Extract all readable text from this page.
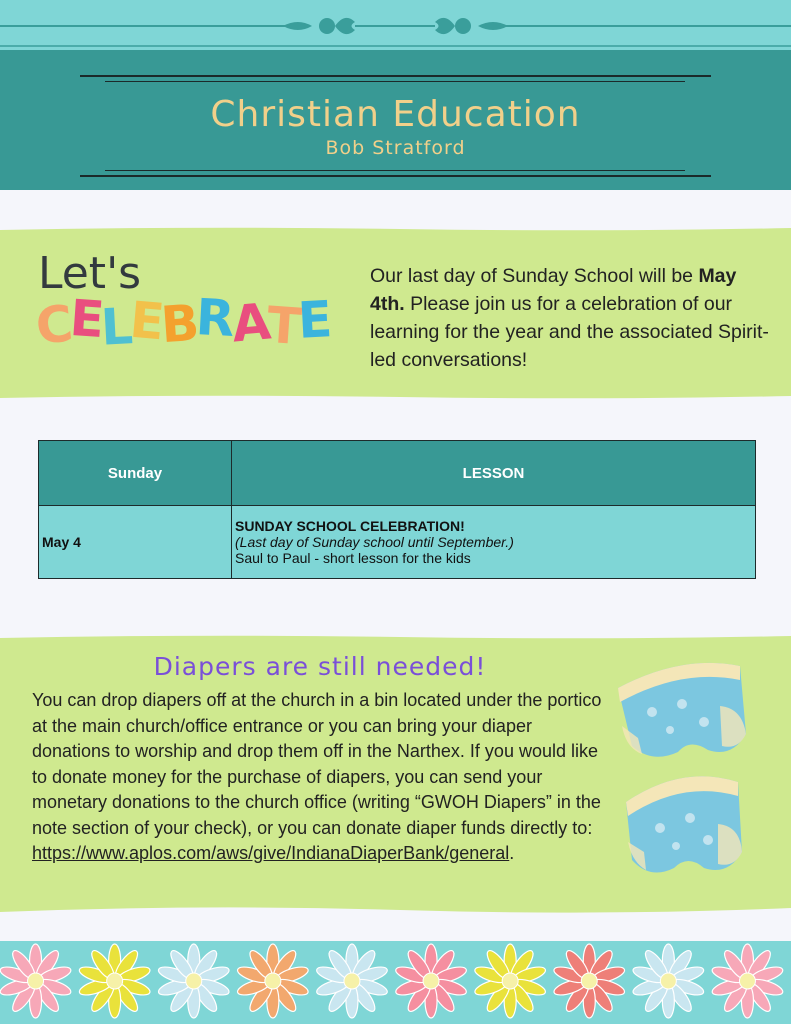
Christian Education
Bob Stratford
Let's
CELEBRATE
Our last day of Sunday School will be May 4th. Please join us for a celebration of our learning for the year and the associated Spirit-led conversations!
Sunday	LESSON
May 4	SUNDAY SCHOOL CELEBRATION!
(Last day of Sunday school until September.)
Saul to Paul - short lesson for the kids
Diapers are still needed!
You can drop diapers off at the church in a bin located under the portico at the main church/office entrance or you can bring your diaper donations to worship and drop them off in the Narthex. If you would like to donate money for the purchase of diapers, you can send your monetary donations to the church office (writing “GWOH Diapers” in the note section of your check), or you can donate diaper funds directly to: https://www.aplos.com/aws/give/IndianaDiaperBank/general.
